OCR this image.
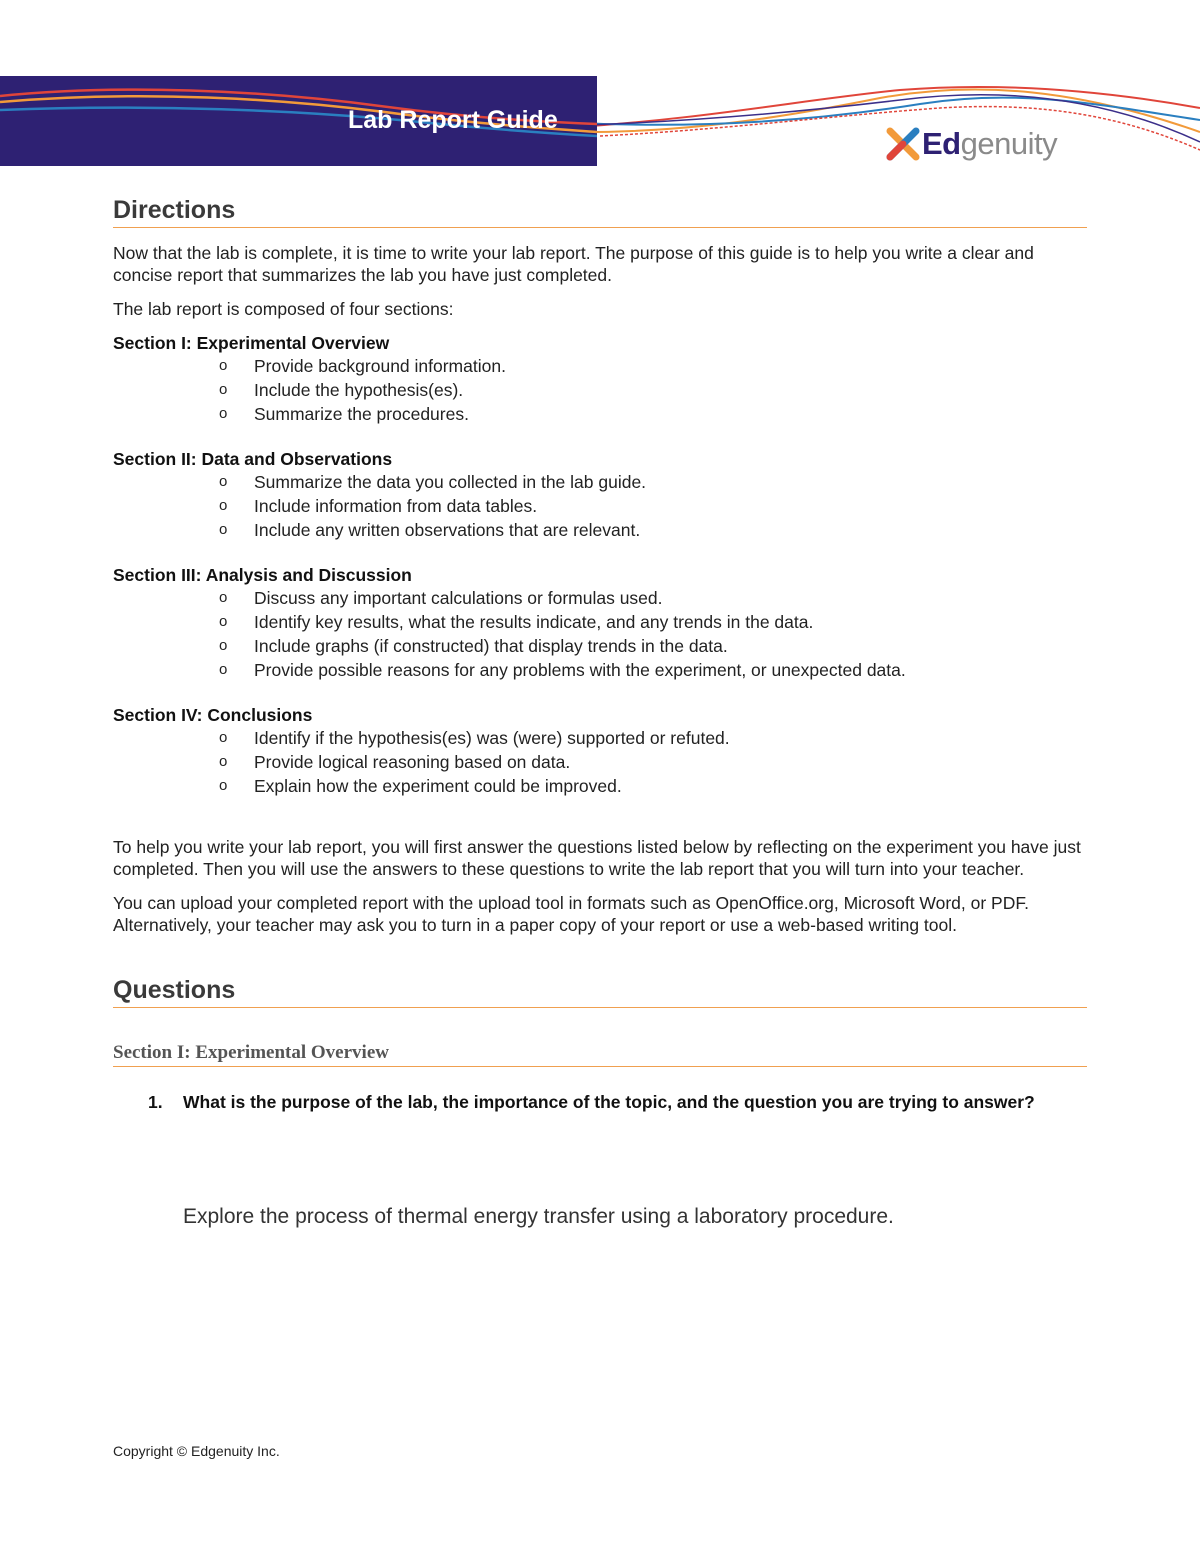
Lab Report Guide
Edgenuity
Directions

Now that the lab is complete, it is time to write your lab report. The purpose of this guide is to help you write a clear and concise report that summarizes the lab you have just completed.

The lab report is composed of four sections:

Section I: Experimental Overview

o Provide background information.
o Include the hypothesis(es).
o Summarize the procedures.

Section II: Data and Observations

o Summarize the data you collected in the lab guide.
o Include information from data tables.
o Include any written observations that are relevant.

Section III: Analysis and Discussion

o Discuss any important calculations or formulas used.
o Identify key results, what the results indicate, and any trends in the data.
o Include graphs (if constructed) that display trends in the data.
o Provide possible reasons for any problems with the experiment, or unexpected data.

Section IV: Conclusions

o Identify if the hypothesis(es) was (were) supported or refuted.
o Provide logical reasoning based on data.
o Explain how the experiment could be improved.

To help you write your lab report, you will first answer the questions listed below by reflecting on the experiment you have just completed. Then you will use the answers to these questions to write the lab report that you will turn into your teacher.

You can upload your completed report with the upload tool in formats such as OpenOffice.org, Microsoft Word, or PDF. Alternatively, your teacher may ask you to turn in a paper copy of your report or use a web-based writing tool.

Questions
Section I: Experimental Overview
1.	What is the purpose of the lab, the importance of the topic, and the question you are trying to answer?

Explore the process of thermal energy transfer using a laboratory procedure.

Copyright © Edgenuity Inc.
